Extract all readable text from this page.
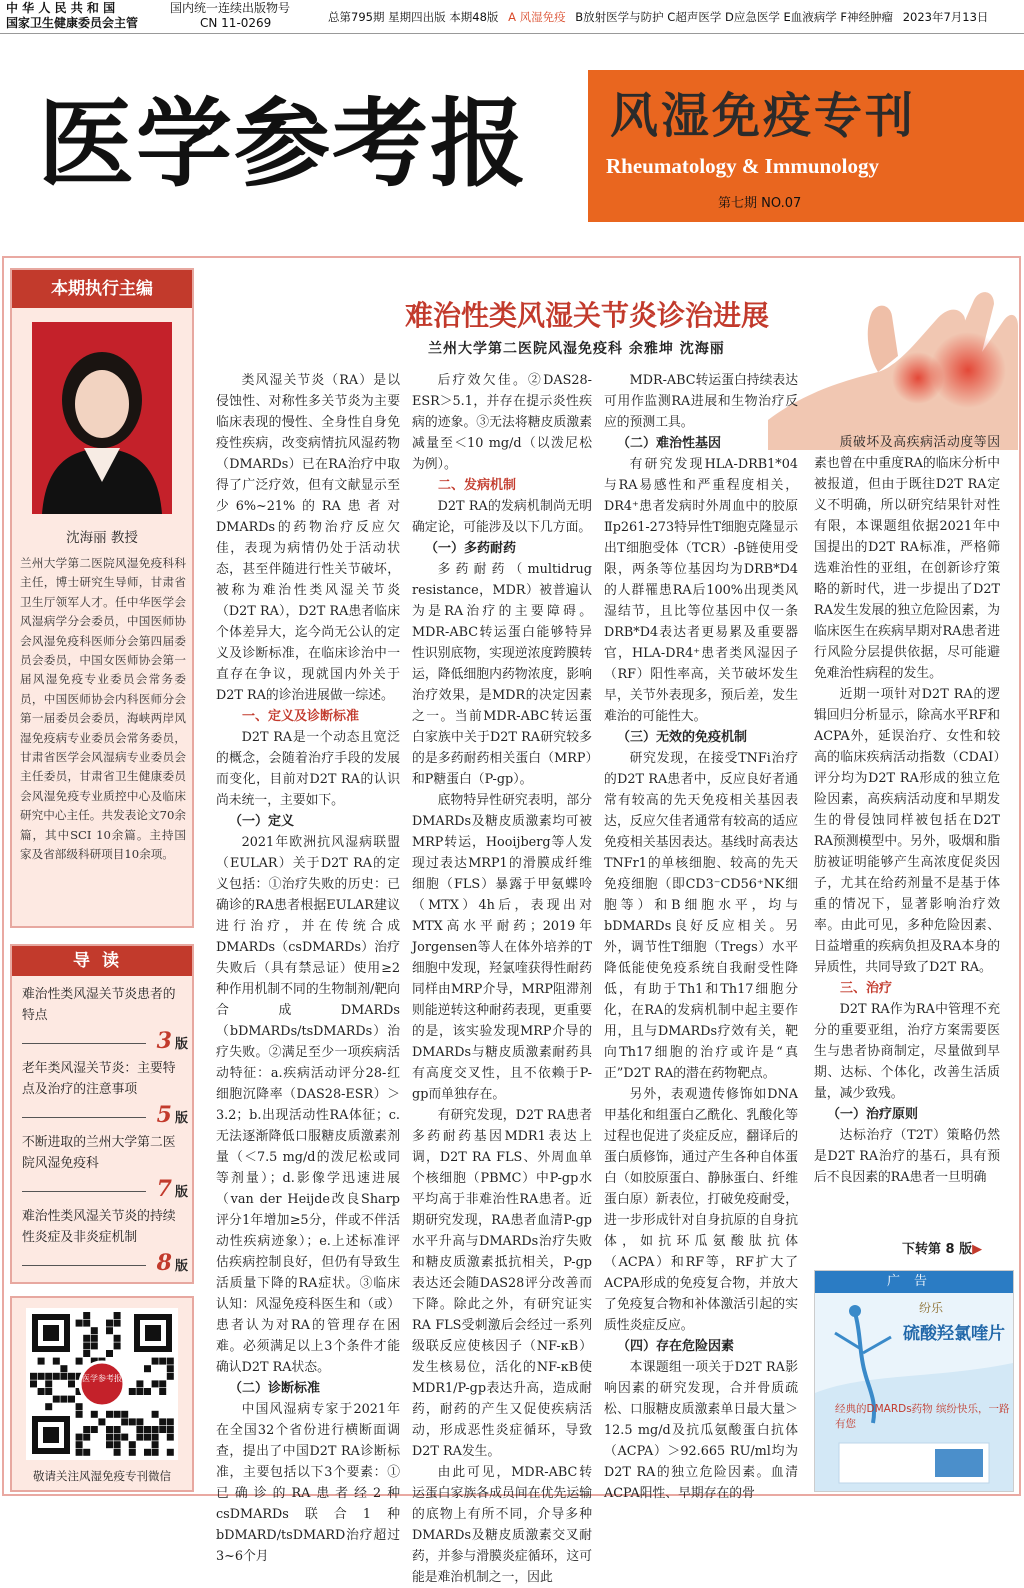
中 华 人 民 共 和 国
国家卫生健康委员会主管
国内统一连续出版物号
CN 11-0269	总第795期 星期四出版 本期48版 A 风湿免疫 B放射医学与防护 C超声医学 D应急医学 E血液病学 F神经肿瘤 2023年7月13日
医学参考报 风湿免疫专刊
Rheumatology & Immunology
第七期 NO.07
本期执行主编
沈海丽 教授
兰州大学第二医院风湿免疫科科主任，博士研究生导师，甘肃省卫生厅领军人才。任中华医学会风湿病学分会委员，中国医师协会风湿免疫科医师分会第四届委员会委员，中国女医师协会第一届风湿免疫专业委员会常务委员，中国医师协会内科医师分会第一届委员会委员，海峡两岸风湿免疫病专业委员会常务委员，甘肃省医学会风湿病专业委员会主任委员，甘肃省卫生健康委员会风湿免疫专业质控中心及临床研究中心主任。共发表论文70余篇，其中SCI 10余篇。主持国家及省部级科研项目10余项。
导读
难治性类风湿关节炎患者的特点
3 版
老年类风湿关节炎：主要特点及治疗的注意事项
5 版
不断进取的兰州大学第二医院风湿免疫科
7 版
难治性类风湿关节炎的持续性炎症及非炎症机制
8 版
医学参考报
敬请关注风湿免疫专刊微信
难治性类风湿关节炎诊治进展
兰州大学第二医院风湿免疫科 余雅坤 沈海丽

类风湿关节炎（RA）是以侵蚀性、对称性多关节炎为主要临床表现的慢性、全身性自身免疫性疾病，改变病情抗风湿药物（DMARDs）已在RA治疗中取得了广泛疗效，但有文献显示至少6%~21%的RA患者对DMARDs的药物治疗反应欠佳，表现为病情仍处于活动状态，甚至伴随进行性关节破坏，被称为难治性类风湿关节炎（D2T RA），D2T RA患者临床个体差异大，迄今尚无公认的定义及诊断标准，在临床诊治中一直存在争议，现就国内外关于D2T RA的诊治进展做一综述。

一、定义及诊断标准

D2T RA是一个动态且宽泛的概念，会随着治疗手段的发展而变化，目前对D2T RA的认识尚未统一，主要如下。

（一）定义

2021年欧洲抗风湿病联盟（EULAR）关于D2T RA的定义包括：①治疗失败的历史：已确诊的RA患者根据EULAR建议进行治疗，并在传统合成DMARDs（csDMARDs）治疗失败后（具有禁忌证）使用≥2种作用机制不同的生物制剂/靶向合成DMARDs（bDMARDs/tsDMARDs）治疗失败。②满足至少一项疾病活动特征：a.疾病活动评分28-红细胞沉降率（DAS28-ESR）＞3.2；b.出现活动性RA体征；c.无法逐渐降低口服糖皮质激素剂量（＜7.5 mg/d的泼尼松或同等剂量）；d.影像学迅速进展（van der Heijde改良Sharp评分1年增加≥5分，伴或不伴活动性疾病迹象）；e.上述标准评估疾病控制良好，但仍有导致生活质量下降的RA症状。③临床认知：风湿免疫科医生和（或）患者认为对RA的管理存在困难。必须满足以上3个条件才能确认D2T RA状态。

（二）诊断标准

中国风湿病专家于2021年在全国32个省份进行横断面调查，提出了中国D2T RA诊断标准，主要包括以下3个要素：①已确诊的RA患者经2种csDMARDs联合1种bDMARD/tsDMARD治疗超过3~6个月

后疗效欠佳。②DAS28-ESR＞5.1，并存在提示炎性疾病的迹象。③无法将糖皮质激素减量至＜10 mg/d（以泼尼松为例）。

二、发病机制

D2T RA的发病机制尚无明确定论，可能涉及以下几方面。

（一）多药耐药

多药耐药（multidrug resistance，MDR）被普遍认为是RA治疗的主要障碍。MDR-ABC转运蛋白能够特异性识别底物，实现逆浓度跨膜转运，降低细胞内药物浓度，影响治疗效果，是MDR的决定因素之一。当前MDR-ABC转运蛋白家族中关于D2T RA研究较多的是多药耐药相关蛋白（MRP）和P糖蛋白（P-gp）。

底物特异性研究表明，部分DMARDs及糖皮质激素均可被MRP转运，Hooijberg等人发现过表达MRP1的滑膜成纤维细胞（FLS）暴露于甲氨蝶呤（MTX）4h后，表现出对MTX高水平耐药；2019年Jorgensen等人在体外培养的T细胞中发现，羟氯喹获得性耐药同样由MRP介导，MRP阻滞剂则能逆转这种耐药表现，更重要的是，该实验发现MRP介导的DMARDs与糖皮质激素耐药具有高度交叉性，且不依赖于P-gp而单独存在。

有研究发现，D2T RA患者多药耐药基因MDR1表达上调，D2T RA FLS、外周血单个核细胞（PBMC）中P-gp水平均高于非难治性RA患者。近期研究发现，RA患者血清P-gp水平升高与DMARDs治疗失败和糖皮质激素抵抗相关，P-gp表达还会随DAS28评分改善而下降。除此之外，有研究证实RA FLS受刺激后会经过一系列级联反应使核因子（NF-κB）发生核易位，活化的NF-κB使MDR1/P-gp表达升高，造成耐药，耐药的产生又促使疾病活动，形成恶性炎症循环，导致D2T RA发生。

由此可见，MDR-ABC转运蛋白家族各成员间在优先运输的底物上有所不同，介导多种DMARDs及糖皮质激素交叉耐药，并参与滑膜炎症循环，这可能是难治机制之一，因此

MDR-ABC转运蛋白持续表达可用作监测RA进展和生物治疗反应的预测工具。

（二）难治性基因

有研究发现HLA-DRB1*04与RA易感性和严重程度相关，DR4⁺患者发病时外周血中的胶原Ⅱp261-273特异性T细胞克隆显示出T细胞受体（TCR）-β链使用受限，两条等位基因均为DRB*D4的人群罹患RA后100%出现类风湿结节，且比等位基因中仅一条DRB*D4表达者更易累及重要器官，HLA-DR4⁺患者类风湿因子（RF）阳性率高，关节破坏发生早，关节外表现多，预后差，发生难治的可能性大。

（三）无效的免疫机制

研究发现，在接受TNFi治疗的D2T RA患者中，反应良好者通常有较高的先天免疫相关基因表达，反应欠佳者通常有较高的适应免疫相关基因表达。基线时高表达TNFr1的单核细胞、较高的先天免疫细胞（即CD3⁻CD56⁺NK细胞等）和B细胞水平，均与bDMARDs良好反应相关。另外，调节性T细胞（Tregs）水平降低能使免疫系统自我耐受性降低，有助于Th1和Th17细胞分化，在RA的发病机制中起主要作用，且与DMARDs疗效有关，靶向Th17细胞的治疗或许是“真正”D2T RA的潜在药物靶点。

另外，表观遗传修饰如DNA甲基化和组蛋白乙酰化、乳酸化等过程也促进了炎症反应，翻译后的蛋白质修饰，通过产生各种自体蛋白（如胶原蛋白、静脉蛋白、纤维蛋白原）新表位，打破免疫耐受，进一步形成针对自身抗原的自身抗体，如抗环瓜氨酸肽抗体（ACPA）和RF等，RF扩大了ACPA形成的免疫复合物，并放大了免疫复合物和补体激活引起的实质性炎症反应。

（四）存在危险因素

本课题组一项关于D2T RA影响因素的研究发现，合并骨质疏松、口服糖皮质激素单日最大量＞12.5 mg/d及抗瓜氨酸蛋白抗体（ACPA）＞92.665 RU/ml均为D2T RA的独立危险因素。血清ACPA阳性、早期存在的骨

质破坏及高疾病活动度等因素也曾在中重度RA的临床分析中被报道，但由于既往D2T RA定义不明确，所以研究结果针对性有限，本课题组依据2021年中国提出的D2T RA标准，严格筛选难治性的亚组，在创新诊疗策略的新时代，进一步提出了D2T RA发生发展的独立危险因素，为临床医生在疾病早期对RA患者进行风险分层提供依据，尽可能避免难治性病程的发生。

近期一项针对D2T RA的逻辑回归分析显示，除高水平RF和ACPA外，延误治疗、女性和较高的临床疾病活动指数（CDAI）评分均为D2T RA形成的独立危险因素，高疾病活动度和早期发生的骨侵蚀同样被包括在D2T RA预测模型中。另外，吸烟和脂肪被证明能够产生高浓度促炎因子，尤其在给药剂量不是基于体重的情况下，显著影响治疗效率。由此可见，多种危险因素、日益增重的疾病负担及RA本身的异质性，共同导致了D2T RA。

三、治疗

D2T RA作为RA中管理不充分的重要亚组，治疗方案需要医生与患者协商制定，尽量做到早期、达标、个体化，改善生活质量，减少致残。

（一）治疗原则

达标治疗（T2T）策略仍然是D2T RA治疗的基石，具有预后不良因素的RA患者一旦明确

下转第 8 版▶
广告
纷乐
硫酸羟氯喹片
经典的DMARDs药物 缤纷快乐，一路有您
